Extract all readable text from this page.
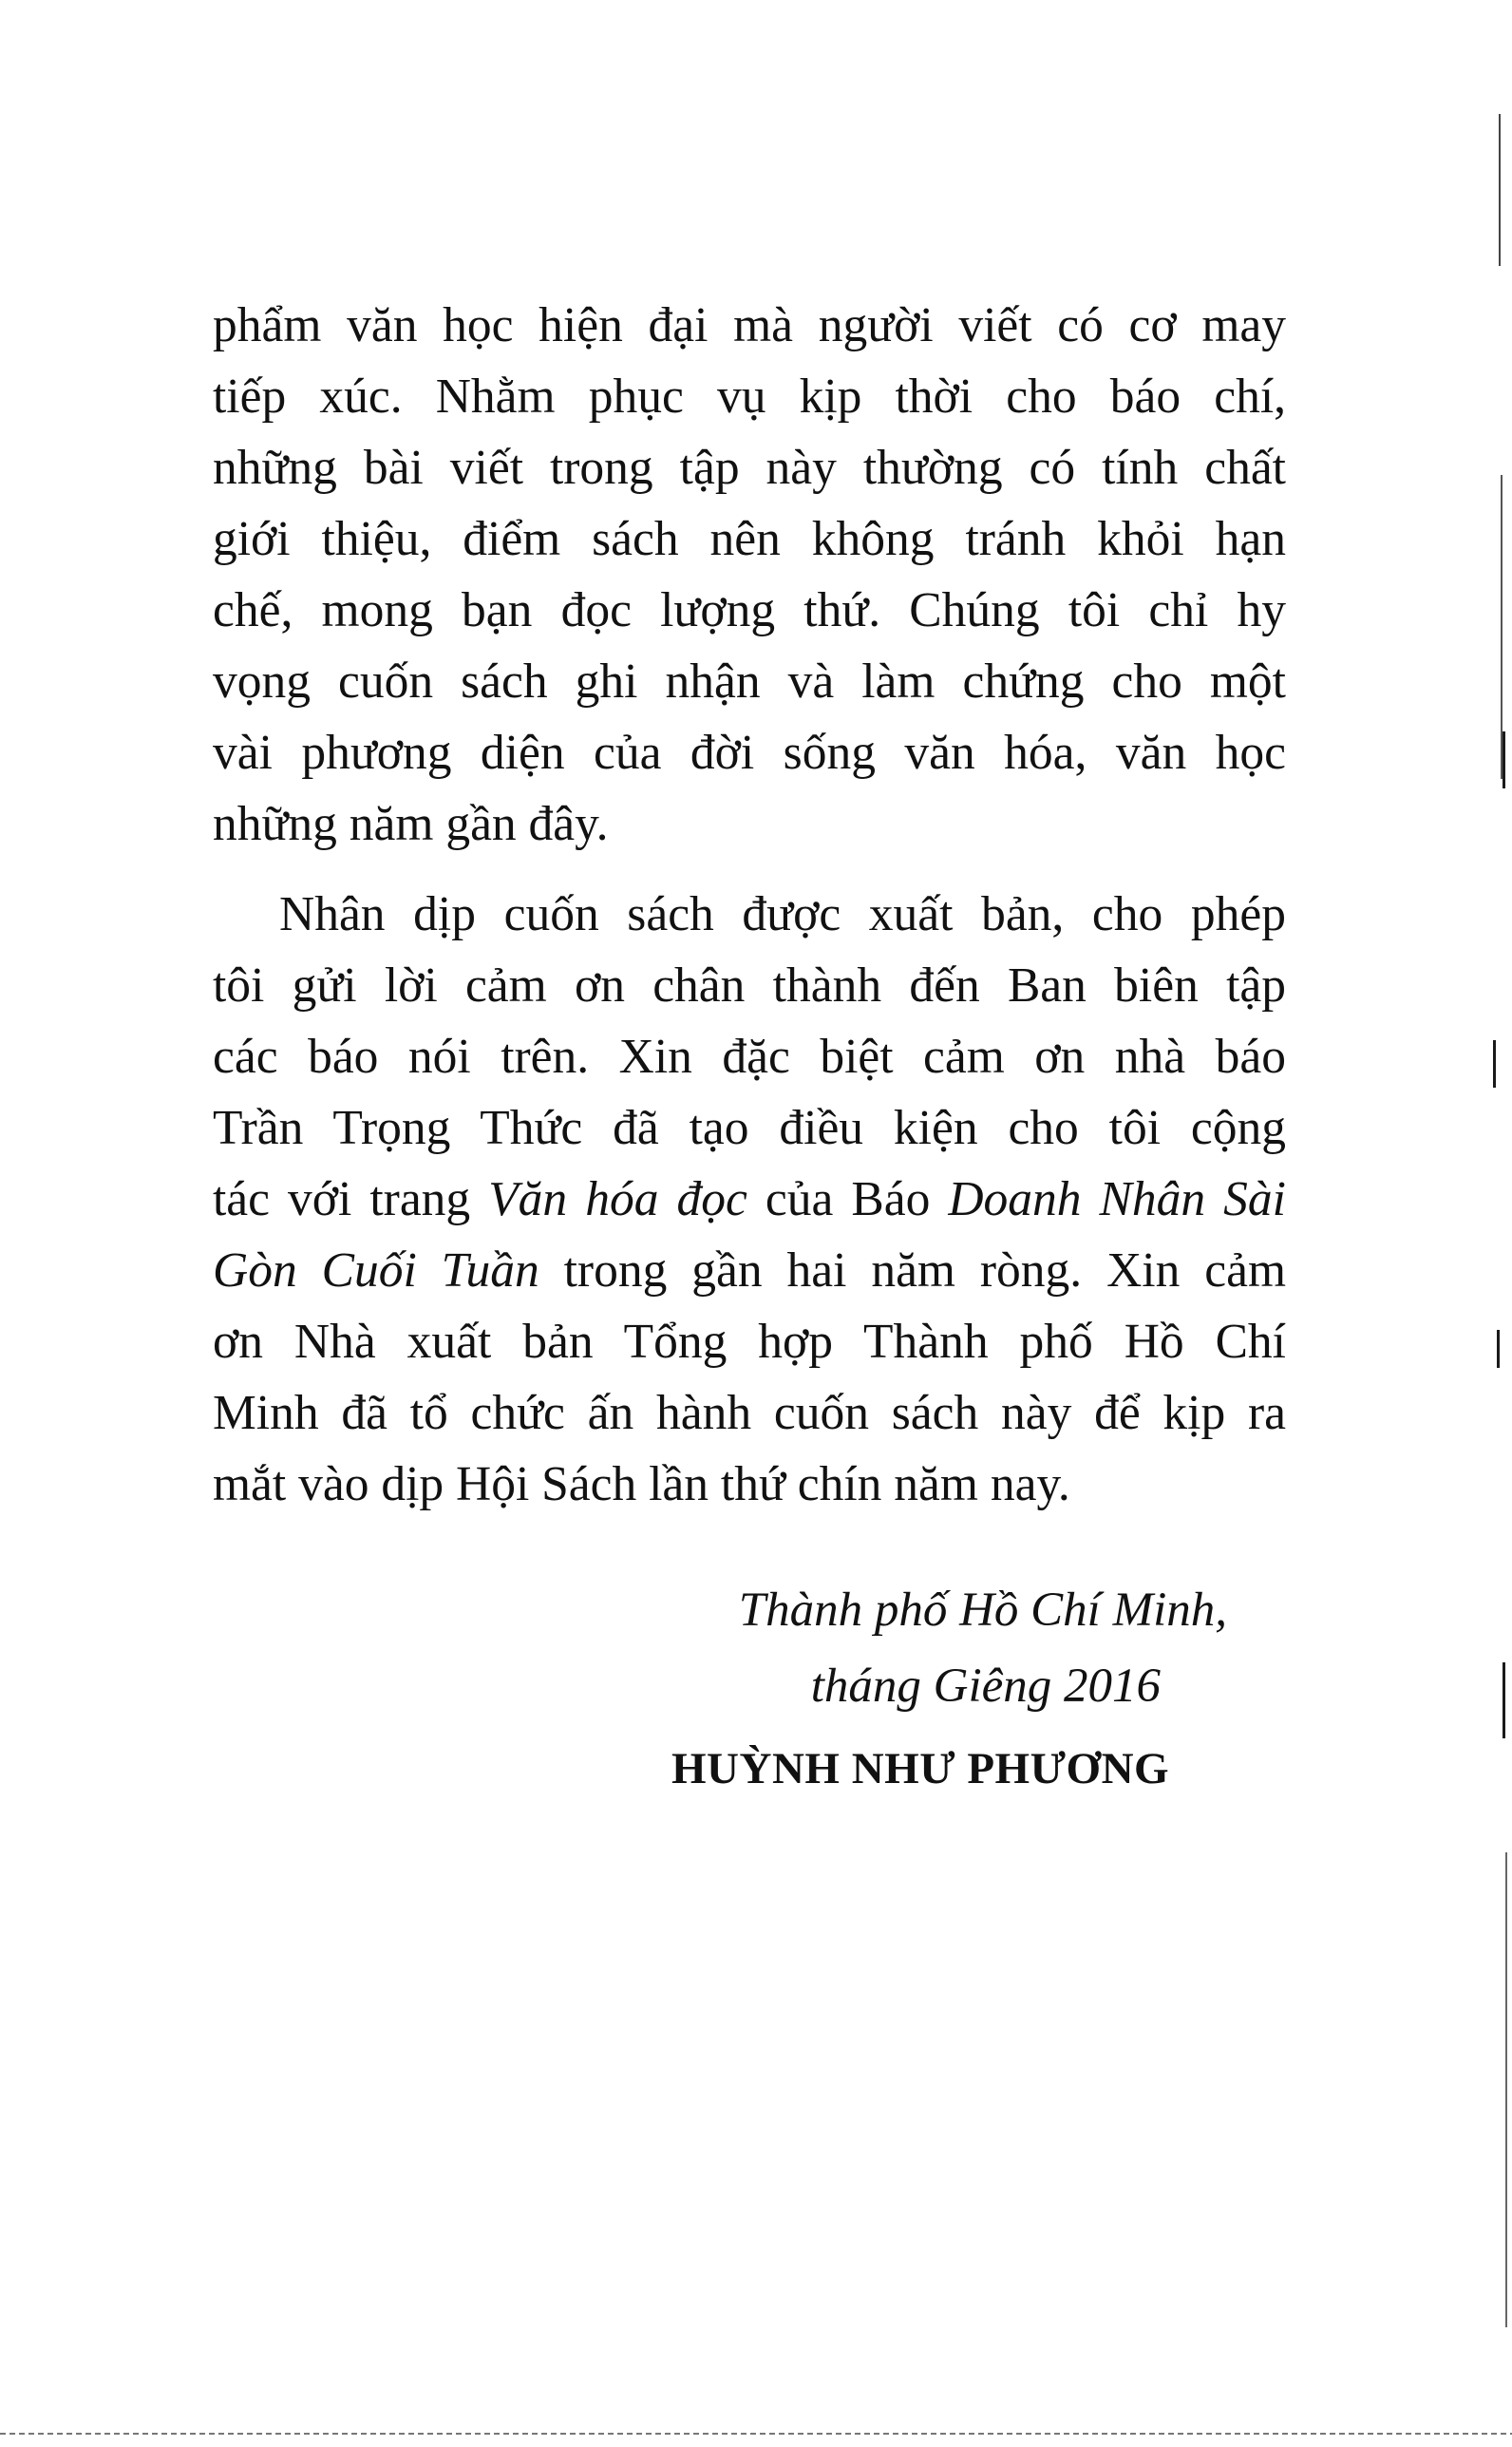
phẩm văn học hiện đại mà người viết có cơ may
tiếp xúc. Nhằm phục vụ kịp thời cho báo chí,
những bài viết trong tập này thường có tính chất
giới thiệu, điểm sách nên không tránh khỏi hạn
chế, mong bạn đọc lượng thứ. Chúng tôi chỉ hy
vọng cuốn sách ghi nhận và làm chứng cho một
vài phương diện của đời sống văn hóa, văn học
những năm gần đây.
Nhân dịp cuốn sách được xuất bản, cho phép
tôi gửi lời cảm ơn chân thành đến Ban biên tập
các báo nói trên. Xin đặc biệt cảm ơn nhà báo
Trần Trọng Thức đã tạo điều kiện cho tôi cộng
tác với trang Văn hóa đọc của Báo Doanh Nhân Sài
Gòn Cuối Tuần trong gần hai năm ròng. Xin cảm
ơn Nhà xuất bản Tổng hợp Thành phố Hồ Chí
Minh đã tổ chức ấn hành cuốn sách này để kịp ra
mắt vào dịp Hội Sách lần thứ chín năm nay.
Thành phố Hồ Chí Minh,
tháng Giêng 2016
HUỲNH NHƯ PHƯƠNG
